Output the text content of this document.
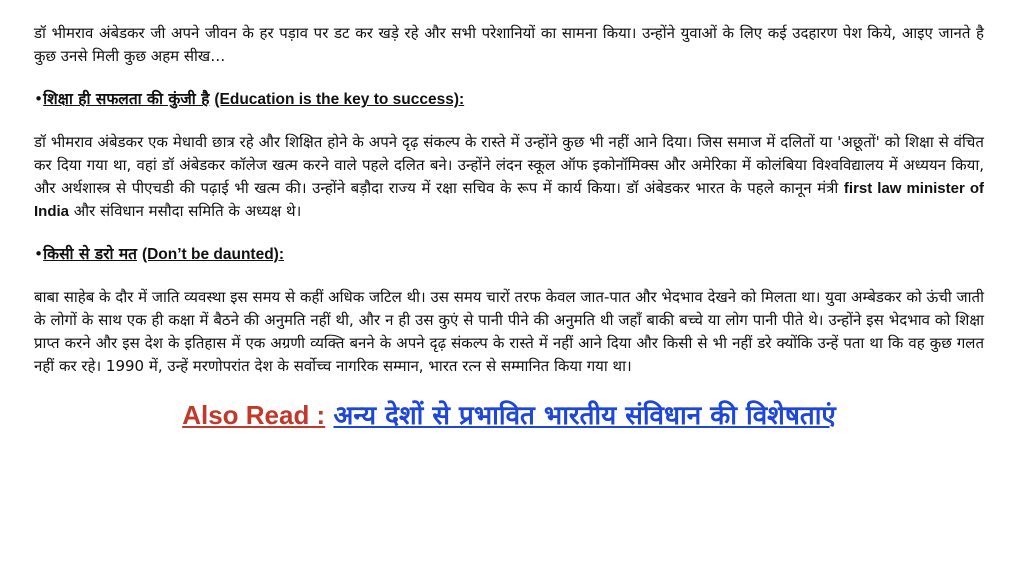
डॉ भीमराव अंबेडकर जी अपने जीवन के हर पड़ाव पर डट कर खड़े रहे और सभी परेशानियों का सामना किया। उन्होंने युवाओं के लिए कई उदहारण पेश किये, आइए जानते है कुछ उनसे मिली कुछ अहम सीख…

•शिक्षा ही सफलता की कुंजी है (Education is the key to success):

डॉ भीमराव अंबेडकर एक मेधावी छात्र रहे और शिक्षित होने के अपने दृढ़ संकल्प के रास्ते में उन्होंने कुछ भी नहीं आने दिया। जिस समाज में दलितों या 'अछूतों' को शिक्षा से वंचित कर दिया गया था, वहां डॉ अंबेडकर कॉलेज खत्म करने वाले पहले दलित बने। उन्होंने लंदन स्कूल ऑफ इकोनॉमिक्स और अमेरिका में कोलंबिया विश्वविद्यालय में अध्ययन किया, और अर्थशास्त्र से पीएचडी की पढ़ाई भी खत्म की। उन्होंने बड़ौदा राज्य में रक्षा सचिव के रूप में कार्य किया। डॉ अंबेडकर भारत के पहले कानून मंत्री first law minister of India और संविधान मसौदा समिति के अध्यक्ष थे।

•किसी से डरो मत (Don’t be daunted):

बाबा साहेब के दौर में जाति व्यवस्था इस समय से कहीं अधिक जटिल थी। उस समय चारों तरफ केवल जात-पात और भेदभाव देखने को मिलता था। युवा अम्बेडकर को ऊंची जाती के लोगों के साथ एक ही कक्षा में बैठने की अनुमति नहीं थी, और न ही उस कुएं से पानी पीने की अनुमति थी जहाँ बाकी बच्चे या लोग पानी पीते थे। उन्होंने इस भेदभाव को शिक्षा प्राप्त करने और इस देश के इतिहास में एक अग्रणी व्यक्ति बनने के अपने दृढ़ संकल्प के रास्ते में नहीं आने दिया और किसी से भी नहीं डरे क्योंकि उन्हें पता था कि वह कुछ गलत नहीं कर रहे। 1990 में, उन्हें मरणोपरांत देश के सर्वोच्च नागरिक सम्मान, भारत रत्न से सम्मानित किया गया था।

Also Read : अन्य देशों से प्रभावित भारतीय संविधान की विशेषताएं
